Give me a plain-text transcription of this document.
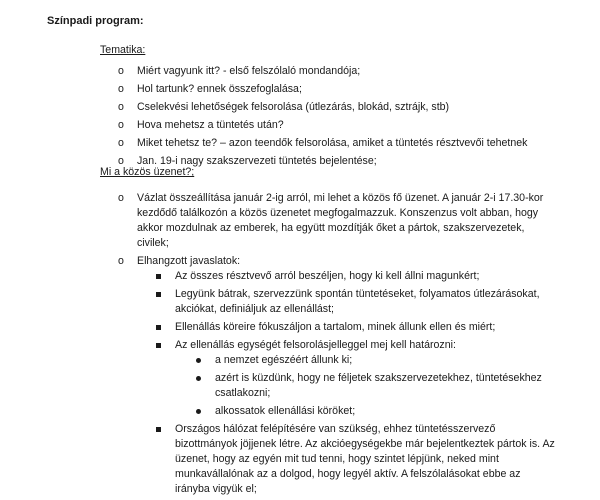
Színpadi program:
Tematika:
o Miért vagyunk itt? - első felszólaló mondandója;
o Hol tartunk? ennek összefoglalása;
o Cselekvési lehetőségek felsorolása (útlezárás, blokád, sztrájk, stb)
o Hova mehetsz a tüntetés után?
o Miket tehetsz te? – azon teendők felsorolása, amiket a tüntetés résztvevői tehetnek
o Jan. 19-i nagy szakszervezeti tüntetés bejelentése;
Mi a közös üzenet?;
o Vázlat összeállítása január 2-ig arról, mi lehet a közös fő üzenet. A január 2-i 17.30-kor kezdődő találkozón a közös üzenetet megfogalmazzuk. Konszenzus volt abban, hogy akkor mozdulnak az emberek, ha együtt mozdítják őket a pártok, szakszervezetek, civilek;
o Elhangzott javaslatok:
Az összes résztvevő arról beszéljen, hogy ki kell állni magunkért;
Legyünk bátrak, szervezzünk spontán tüntetéseket, folyamatos útlezárásokat, akciókat, definiáljuk az ellenállást;
Ellenállás köreire fókuszáljon a tartalom, minek állunk ellen és miért;
Az ellenállás egységét felsorolásjelleggel mej kell határozni:
a nemzet egészéért állunk ki;
azért is küzdünk, hogy ne féljetek szakszervezetekhez, tüntetésekhez csatlakozni;
alkossatok ellenállási köröket;
Országos hálózat felépítésére van szükség, ehhez tüntetésszervező bizottmányok jöjjenek létre. Az akcióegységekbe már bejelentkeztek pártok is. Az üzenet, hogy az egyén mit tud tenni, hogy szintet lépjünk, neked mint munkavállalónak az a dolgod, hogy legyél aktív. A felszólalásokat ebbe az irányba vigyük el;
